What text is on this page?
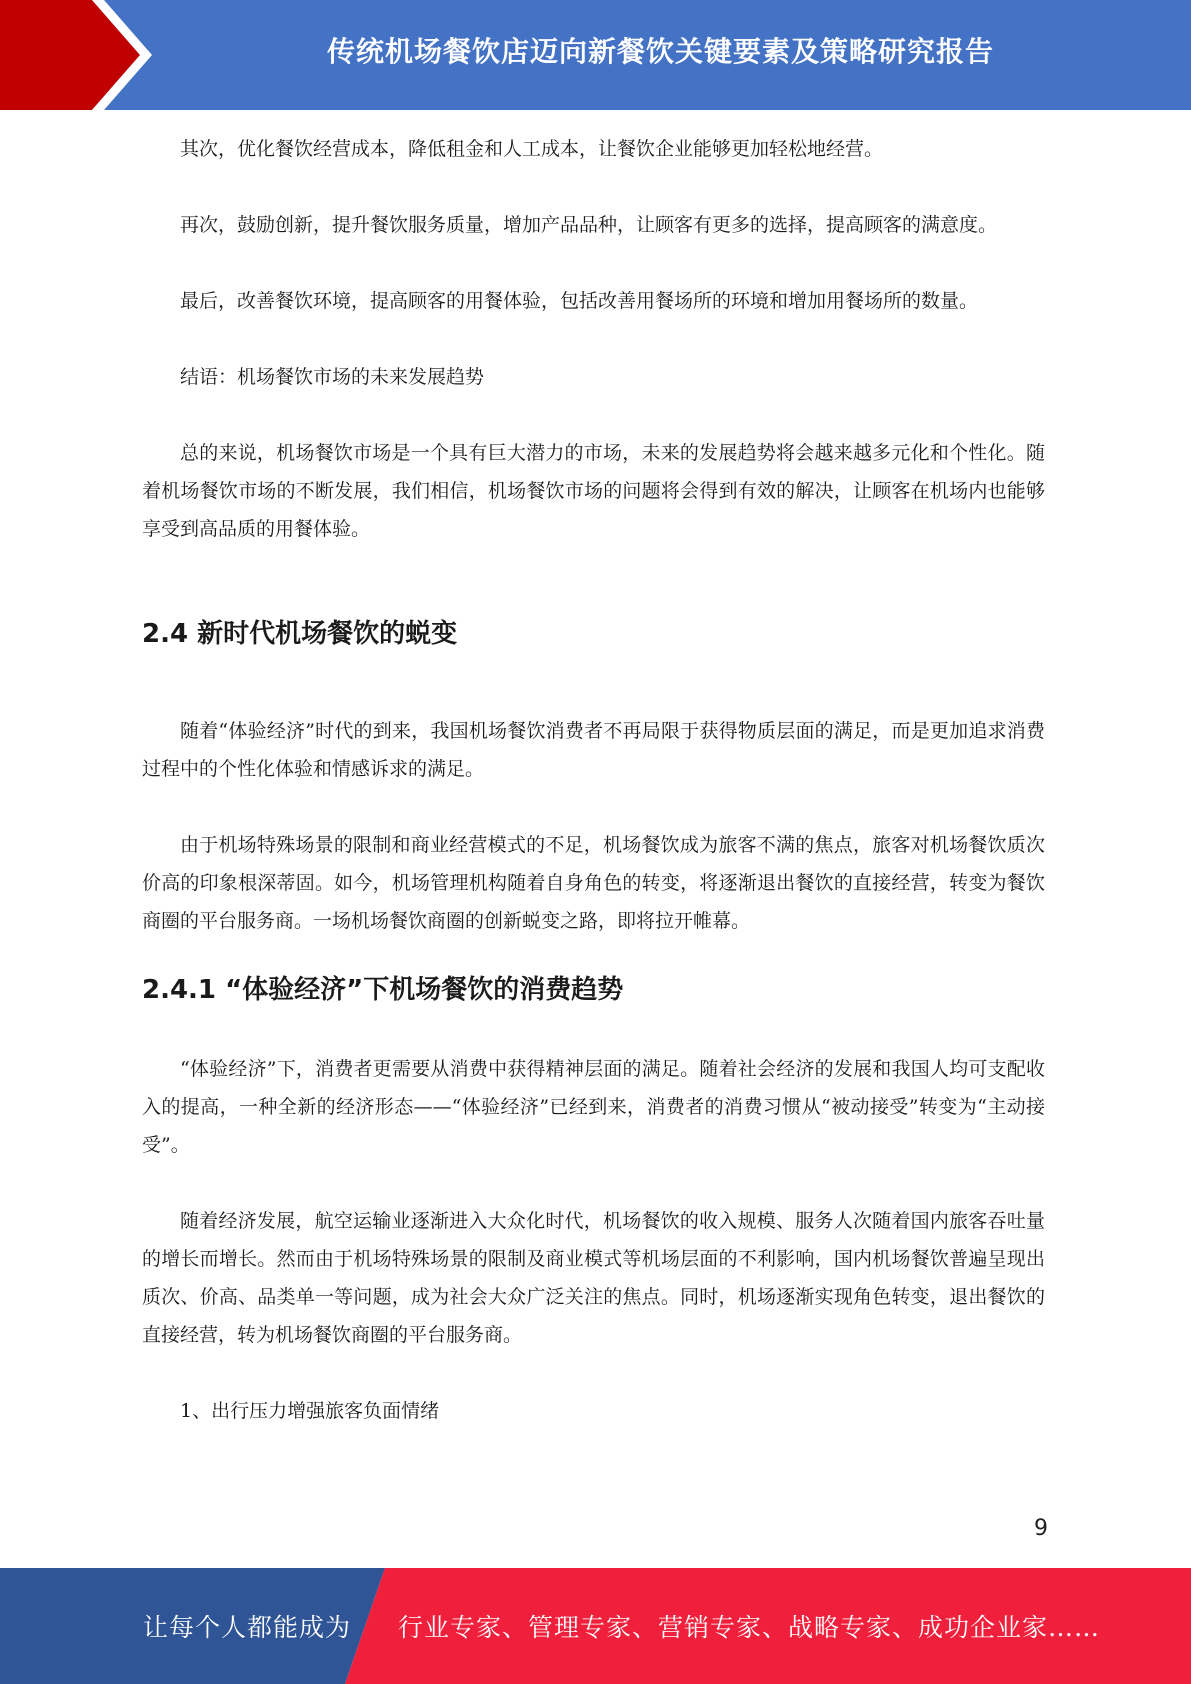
传统机场餐饮店迈向新餐饮关键要素及策略研究报告

其次，优化餐饮经营成本，降低租金和人工成本，让餐饮企业能够更加轻松地经营。

再次，鼓励创新，提升餐饮服务质量，增加产品品种，让顾客有更多的选择，提高顾客的满意度。

最后，改善餐饮环境，提高顾客的用餐体验，包括改善用餐场所的环境和增加用餐场所的数量。

结语：机场餐饮市场的未来发展趋势

总的来说，机场餐饮市场是一个具有巨大潜力的市场，未来的发展趋势将会越来越多元化和个性化。随着机场餐饮市场的不断发展，我们相信，机场餐饮市场的问题将会得到有效的解决，让顾客在机场内也能够享受到高品质的用餐体验。

2.4 新时代机场餐饮的蜕变

随着“体验经济”时代的到来，我国机场餐饮消费者不再局限于获得物质层面的满足，而是更加追求消费过程中的个性化体验和情感诉求的满足。

由于机场特殊场景的限制和商业经营模式的不足，机场餐饮成为旅客不满的焦点，旅客对机场餐饮质次价高的印象根深蒂固。如今，机场管理机构随着自身角色的转变，将逐渐退出餐饮的直接经营，转变为餐饮商圈的平台服务商。一场机场餐饮商圈的创新蜕变之路，即将拉开帷幕。

2.4.1 “体验经济”下机场餐饮的消费趋势

“体验经济”下，消费者更需要从消费中获得精神层面的满足。随着社会经济的发展和我国人均可支配收入的提高，一种全新的经济形态——“体验经济”已经到来，消费者的消费习惯从“被动接受”转变为“主动接受”。

随着经济发展，航空运输业逐渐进入大众化时代，机场餐饮的收入规模、服务人次随着国内旅客吞吐量的增长而增长。然而由于机场特殊场景的限制及商业模式等机场层面的不利影响，国内机场餐饮普遍呈现出质次、价高、品类单一等问题，成为社会大众广泛关注的焦点。同时，机场逐渐实现角色转变，退出餐饮的直接经营，转为机场餐饮商圈的平台服务商。

1、出行压力增强旅客负面情绪

9
让每个人都能成为 行业专家、管理专家、营销专家、战略专家、成功企业家……
